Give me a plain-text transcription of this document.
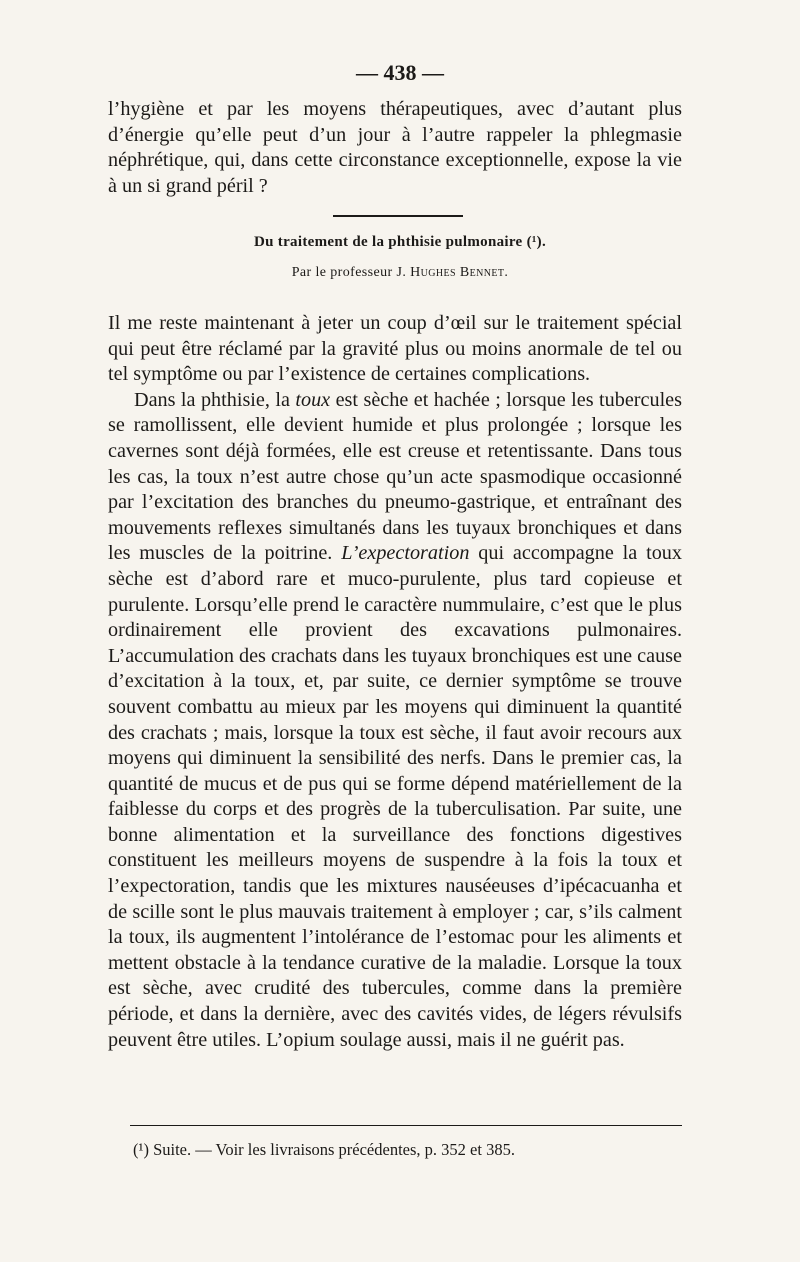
— 438 —

l’hygiène et par les moyens thérapeutiques, avec d’autant plus d’énergie qu’elle peut d’un jour à l’autre rappeler la phlegmasie néphrétique, qui, dans cette circonstance exceptionnelle, expose la vie à un si grand péril ?

Du traitement de la phthisie pulmonaire (¹).
Par le professeur J. Hughes Bennet.

Il me reste maintenant à jeter un coup d’œil sur le traitement spécial qui peut être réclamé par la gravité plus ou moins anormale de tel ou tel symptôme ou par l’existence de certaines complications.

Dans la phthisie, la toux est sèche et hachée ; lorsque les tubercules se ramollissent, elle devient humide et plus prolongée ; lorsque les cavernes sont déjà formées, elle est creuse et retentissante. Dans tous les cas, la toux n’est autre chose qu’un acte spasmodique occasionné par l’excitation des branches du pneumo-gastrique, et entraînant des mouvements reflexes simultanés dans les tuyaux bronchiques et dans les muscles de la poitrine. L’expectoration qui accompagne la toux sèche est d’abord rare et muco-purulente, plus tard copieuse et purulente. Lorsqu’elle prend le caractère nummulaire, c’est que le plus ordinairement elle provient des excavations pulmonaires. L’accumulation des crachats dans les tuyaux bronchiques est une cause d’excitation à la toux, et, par suite, ce dernier symptôme se trouve souvent combattu au mieux par les moyens qui diminuent la quantité des crachats ; mais, lorsque la toux est sèche, il faut avoir recours aux moyens qui diminuent la sensibilité des nerfs. Dans le premier cas, la quantité de mucus et de pus qui se forme dépend matériellement de la faiblesse du corps et des progrès de la tuberculisation. Par suite, une bonne alimentation et la surveillance des fonctions digestives constituent les meilleurs moyens de suspendre à la fois la toux et l’expectoration, tandis que les mixtures nauséeuses d’ipécacuanha et de scille sont le plus mauvais traitement à employer ; car, s’ils calment la toux, ils augmentent l’intolérance de l’estomac pour les aliments et mettent obstacle à la tendance curative de la maladie. Lorsque la toux est sèche, avec crudité des tubercules, comme dans la première période, et dans la dernière, avec des cavités vides, de légers révulsifs peuvent être utiles. L’opium soulage aussi, mais il ne guérit pas.

(¹) Suite. — Voir les livraisons précédentes, p. 352 et 385.
